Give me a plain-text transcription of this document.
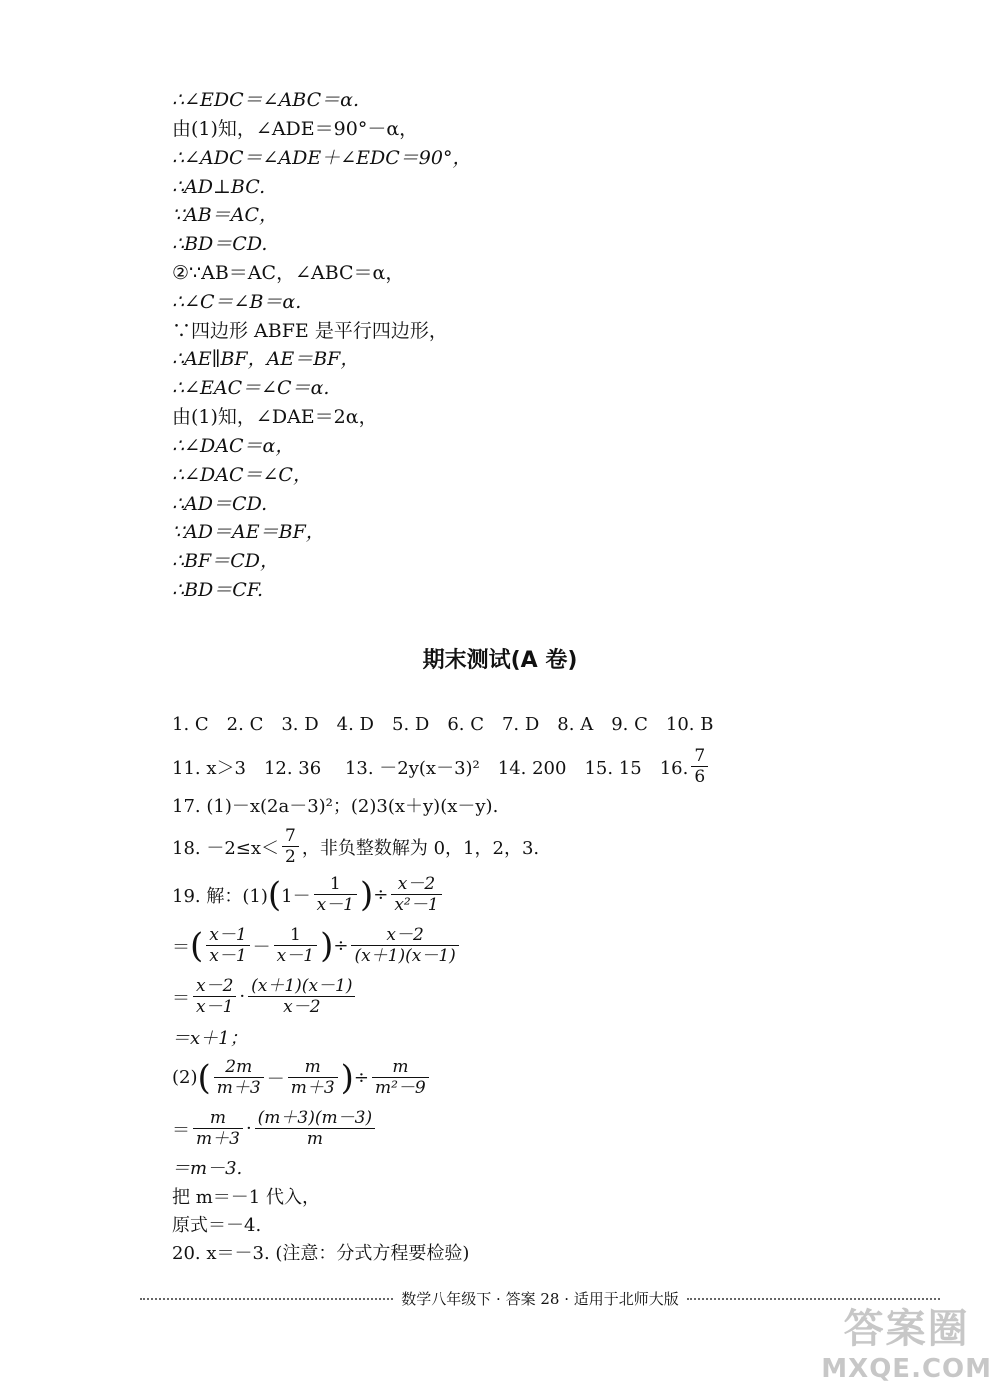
∴∠EDC＝∠ABC＝α.
由(1)知，∠ADE＝90°－α，
∴∠ADC＝∠ADE＋∠EDC＝90°，
∴AD⊥BC.
∵AB＝AC，
∴BD＝CD.
②∵AB＝AC，∠ABC＝α，
∴∠C＝∠B＝α.
∵四边形 ABFE 是平行四边形，
∴AE∥BF，AE＝BF，
∴∠EAC＝∠C＝α.
由(1)知，∠DAE＝2α，
∴∠DAC＝α，
∴∠DAC＝∠C，
∴AD＝CD.
∵AD＝AE＝BF，
∴BF＝CD，
∴BD＝CF.
期末测试(A 卷)
1. C　2. C　3. D　4. D　5. D　6. C　7. D　8. A　9. C　10. B
11. x＞3　12. 36　 13. －2y(x－3)²　14. 200　15. 15　16. $\frac{7}{6}$
17. (1)－x(2a－3)²；(2)3(x＋y)(x－y).
18. $-2\le x< \frac{7}{2}$ ，非负整数解为 0，1，2，3.
19. 解：(1) ( $1- \frac{1}{x-1}$ ) ÷ $\frac{x-2}{\text{x²－1}}$
＝ ( $\frac{x-1}{x-1} - \frac{1}{x-1}$ ) ÷ $\frac{x-2}{(x+1)(x-1)}$
＝ $\frac{x-2}{x-1} \cdot \frac{(x+1)(x-1)}{x-2}$
＝x＋1；
(2) ( $\frac{2m}{m+3} - \frac{m}{m+3}$ ) ÷ $\frac{m}{\text{m²－9}}$
＝ $\frac{m}{m+3} \cdot \frac{(m+3)(m-3)}{m}$
＝m－3.
把 m＝－1 代入，
原式＝－4.
20. x＝－3. (注意：分式方程要检验)
数学八年级下 · 答案 28 · 适用于北师大版
答案圈
MXQE.COM
